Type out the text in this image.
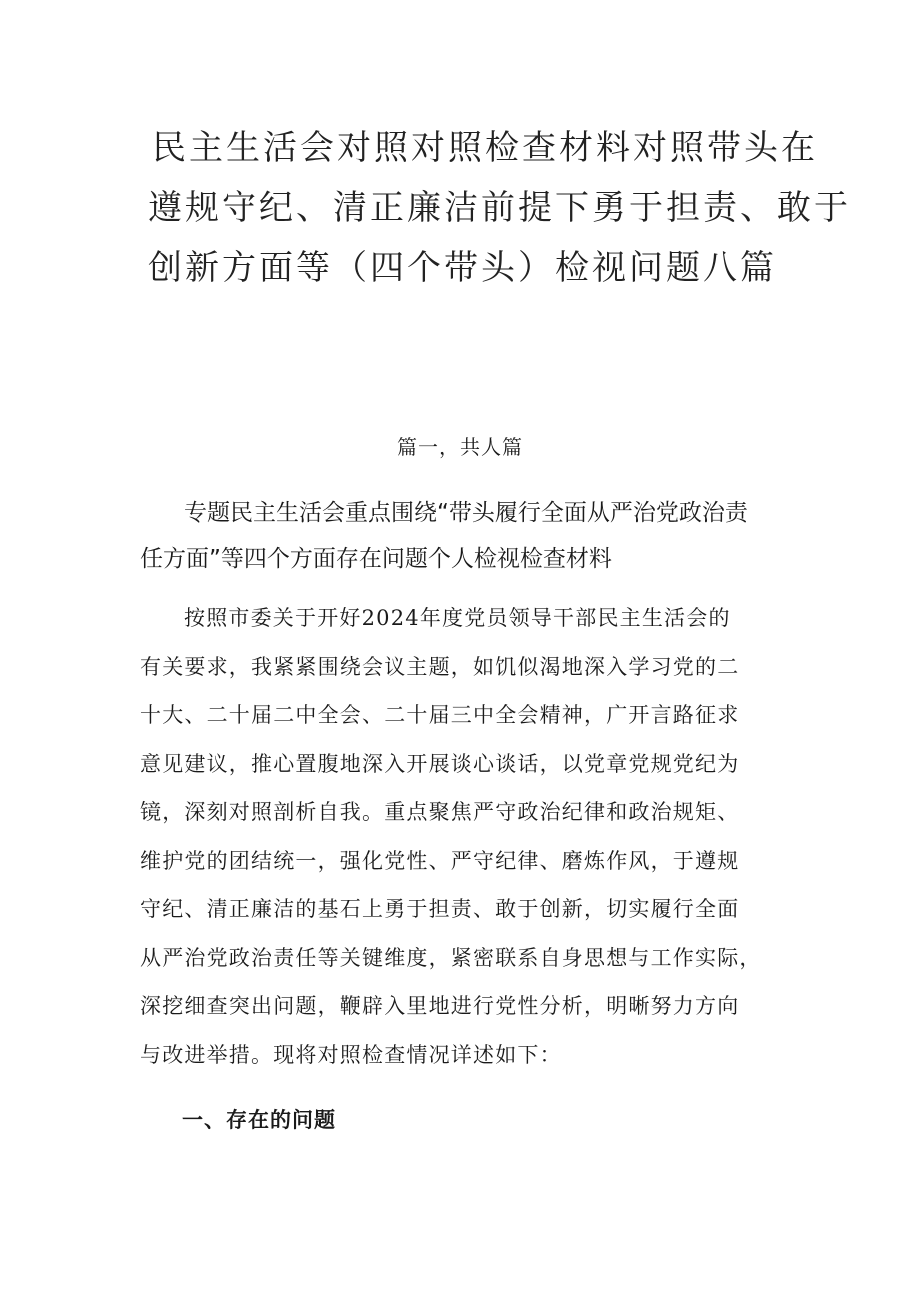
民主生活会对照对照检查材料对照带头在
遵规守纪、清正廉洁前提下勇于担责、敢于
创新方面等（四个带头）检视问题八篇
篇一，共人篇
专题民主生活会重点围绕“带头履行全面从严治党政治责
任方面”等四个方面存在问题个人检视检查材料
按照市委关于开好2024年度党员领导干部民主生活会的
有关要求，我紧紧围绕会议主题，如饥似渴地深入学习党的二
十大、二十届二中全会、二十届三中全会精神，广开言路征求
意见建议，推心置腹地深入开展谈心谈话，以党章党规党纪为
镜，深刻对照剖析自我。重点聚焦严守政治纪律和政治规矩、
维护党的团结统一，强化党性、严守纪律、磨炼作风，于遵规
守纪、清正廉洁的基石上勇于担责、敢于创新，切实履行全面
从严治党政治责任等关键维度，紧密联系自身思想与工作实际，
深挖细查突出问题，鞭辟入里地进行党性分析，明晰努力方向
与改进举措。现将对照检查情况详述如下：
一、存在的问题
